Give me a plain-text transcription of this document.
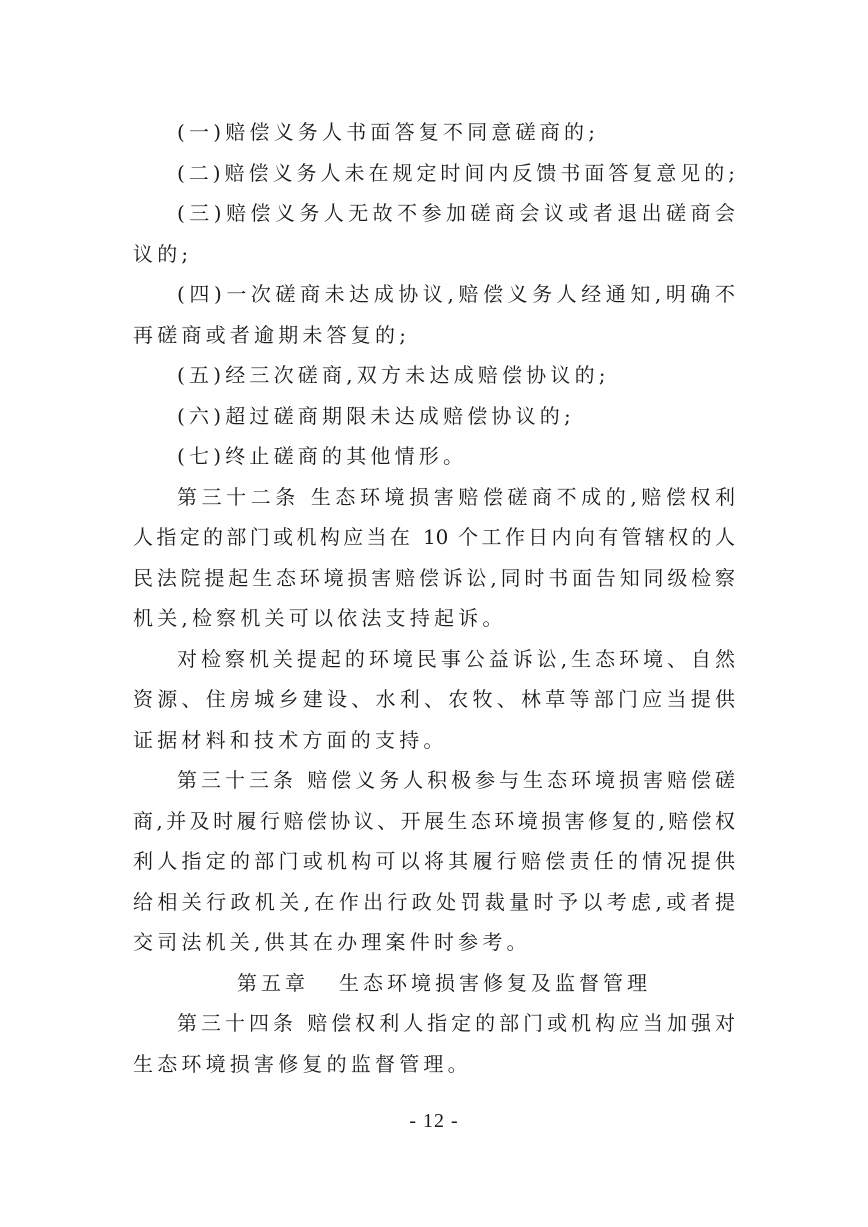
(一)赔偿义务人书面答复不同意磋商的;
(二)赔偿义务人未在规定时间内反馈书面答复意见的;
(三)赔偿义务人无故不参加磋商会议或者退出磋商会
议的;
(四)一次磋商未达成协议,赔偿义务人经通知,明确不
再磋商或者逾期未答复的;
(五)经三次磋商,双方未达成赔偿协议的;
(六)超过磋商期限未达成赔偿协议的;
(七)终止磋商的其他情形。
第三十二条 生态环境损害赔偿磋商不成的,赔偿权利
人指定的部门或机构应当在 10 个工作日内向有管辖权的人
民法院提起生态环境损害赔偿诉讼,同时书面告知同级检察
机关,检察机关可以依法支持起诉。
对检察机关提起的环境民事公益诉讼,生态环境、自然
资源、住房城乡建设、水利、农牧、林草等部门应当提供
证据材料和技术方面的支持。
第三十三条 赔偿义务人积极参与生态环境损害赔偿磋
商,并及时履行赔偿协议、开展生态环境损害修复的,赔偿权
利人指定的部门或机构可以将其履行赔偿责任的情况提供
给相关行政机关,在作出行政处罚裁量时予以考虑,或者提
交司法机关,供其在办理案件时参考。
第五章 生态环境损害修复及监督管理
第三十四条 赔偿权利人指定的部门或机构应当加强对
生态环境损害修复的监督管理。
- 12 -
